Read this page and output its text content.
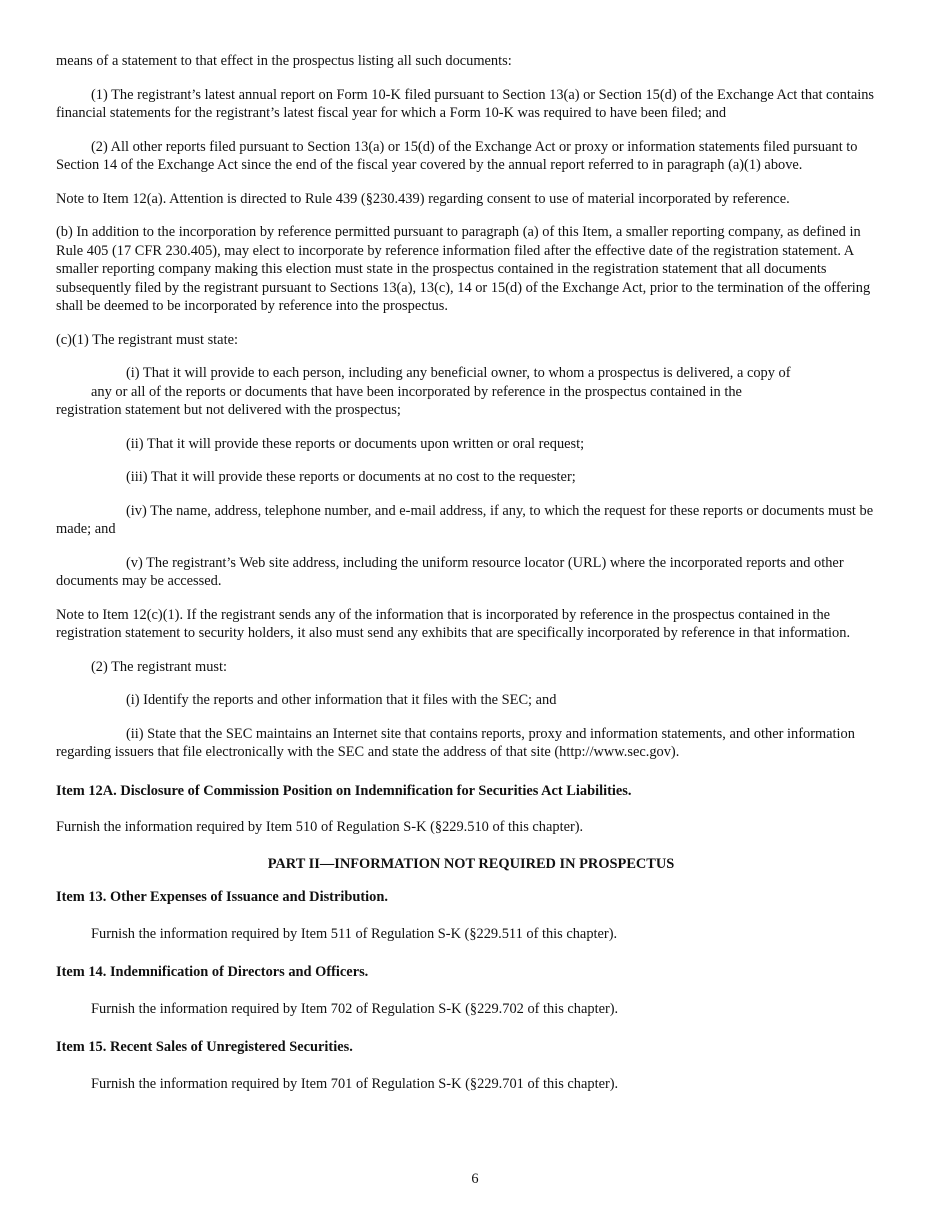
means of a statement to that effect in the prospectus listing all such documents:

(1) The registrant’s latest annual report on Form 10-K filed pursuant to Section 13(a) or Section 15(d) of the Exchange Act that contains financial statements for the registrant’s latest fiscal year for which a Form 10-K was required to have been filed; and

(2) All other reports filed pursuant to Section 13(a) or 15(d) of the Exchange Act or proxy or information statements filed pursuant to Section 14 of the Exchange Act since the end of the fiscal year covered by the annual report referred to in paragraph (a)(1) above.

Note to Item 12(a). Attention is directed to Rule 439 (§230.439) regarding consent to use of material incorporated by reference.

(b) In addition to the incorporation by reference permitted pursuant to paragraph (a) of this Item, a smaller reporting company, as defined in Rule 405 (17 CFR 230.405), may elect to incorporate by reference information filed after the effective date of the registration statement. A smaller reporting company making this election must state in the prospectus contained in the registration statement that all documents subsequently filed by the registrant pursuant to Sections 13(a), 13(c), 14 or 15(d) of the Exchange Act, prior to the termination of the offering shall be deemed to be incorporated by reference into the prospectus.

(c)(1) The registrant must state:

(i) That it will provide to each person, including any beneficial owner, to whom a prospectus is delivered, a copy of
any or all of the reports or documents that have been incorporated by reference in the prospectus contained in the
registration statement but not delivered with the prospectus;

(ii) That it will provide these reports or documents upon written or oral request;

(iii) That it will provide these reports or documents at no cost to the requester;

(iv) The name, address, telephone number, and e-mail address, if any, to which the request for these reports or documents must be made; and

(v) The registrant’s Web site address, including the uniform resource locator (URL) where the incorporated reports and other documents may be accessed.

Note to Item 12(c)(1). If the registrant sends any of the information that is incorporated by reference in the prospectus contained in the registration statement to security holders, it also must send any exhibits that are specifically incorporated by reference in that information.

(2) The registrant must:

(i) Identify the reports and other information that it files with the SEC; and

(ii) State that the SEC maintains an Internet site that contains reports, proxy and information statements, and other information regarding issuers that file electronically with the SEC and state the address of that site (http://www.sec.gov).

Item 12A. Disclosure of Commission Position on Indemnification for Securities Act Liabilities.

Furnish the information required by Item 510 of Regulation S-K (§229.510 of this chapter).

PART II—INFORMATION NOT REQUIRED IN PROSPECTUS

Item 13. Other Expenses of Issuance and Distribution.

Furnish the information required by Item 511 of Regulation S-K (§229.511 of this chapter).

Item 14. Indemnification of Directors and Officers.

Furnish the information required by Item 702 of Regulation S-K (§229.702 of this chapter).

Item 15. Recent Sales of Unregistered Securities.

Furnish the information required by Item 701 of Regulation S-K (§229.701 of this chapter).

6
